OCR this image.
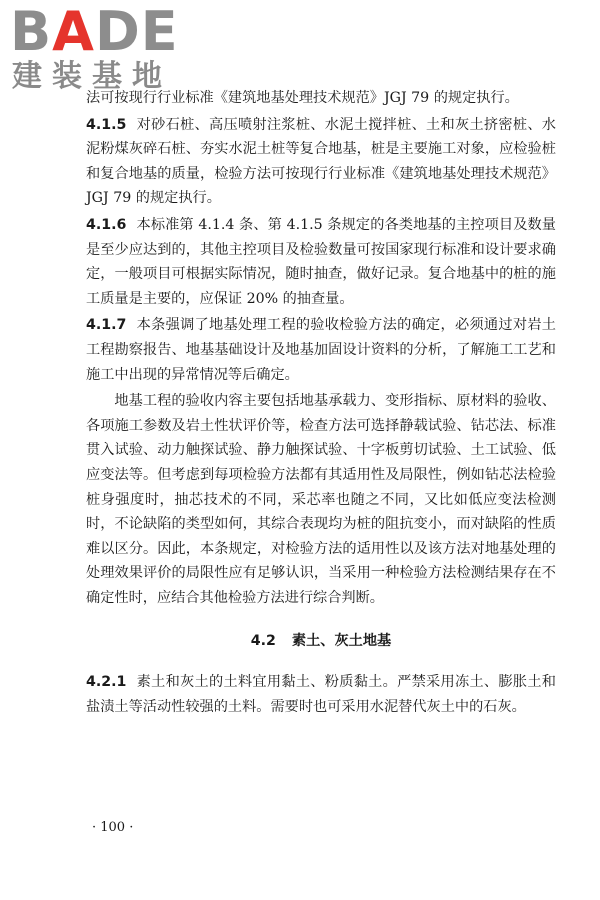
BADE
建装基地

法可按现行行业标准《建筑地基处理技术规范》JGJ 79 的规定执行。

4.1.5 对砂石桩、高压喷射注浆桩、水泥土搅拌桩、土和灰土挤密桩、水泥粉煤灰碎石桩、夯实水泥土桩等复合地基，桩是主要施工对象，应检验桩和复合地基的质量，检验方法可按现行行业标准《建筑地基处理技术规范》JGJ 79 的规定执行。

4.1.6 本标准第 4.1.4 条、第 4.1.5 条规定的各类地基的主控项目及数量是至少应达到的，其他主控项目及检验数量可按国家现行标准和设计要求确定，一般项目可根据实际情况，随时抽查，做好记录。复合地基中的桩的施工质量是主要的，应保证 20% 的抽查量。

4.1.7 本条强调了地基处理工程的验收检验方法的确定，必须通过对岩土工程勘察报告、地基基础设计及地基加固设计资料的分析，了解施工工艺和施工中出现的异常情况等后确定。

地基工程的验收内容主要包括地基承载力、变形指标、原材料的验收、各项施工参数及岩土性状评价等，检查方法可选择静载试验、钻芯法、标准贯入试验、动力触探试验、静力触探试验、十字板剪切试验、土工试验、低应变法等。但考虑到每项检验方法都有其适用性及局限性，例如钻芯法检验桩身强度时，抽芯技术的不同，采芯率也随之不同，又比如低应变法检测时，不论缺陷的类型如何，其综合表现均为桩的阻抗变小，而对缺陷的性质难以区分。因此，本条规定，对检验方法的适用性以及该方法对地基处理的处理效果评价的局限性应有足够认识，当采用一种检验方法检测结果存在不确定性时，应结合其他检验方法进行综合判断。

4.2 素土、灰土地基

4.2.1 素土和灰土的土料宜用黏土、粉质黏土。严禁采用冻土、膨胀土和盐渍土等活动性较强的土料。需要时也可采用水泥替代灰土中的石灰。

· 100 ·
